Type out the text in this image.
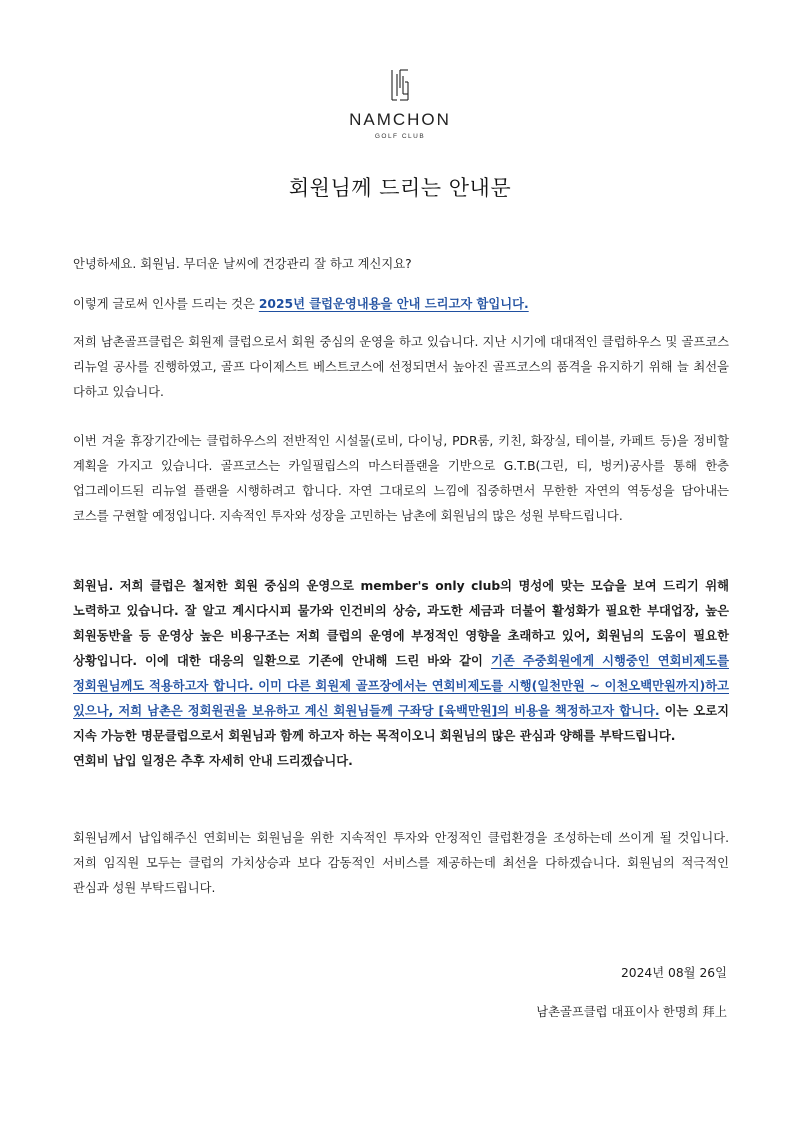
NAMCHON
GOLF CLUB
회원님께 드리는 안내문
안녕하세요. 회원님. 무더운 날씨에 건강관리 잘 하고 계신지요?
이렇게 글로써 인사를 드리는 것은 2025년 클럽운영내용을 안내 드리고자 함입니다.
저희 남촌골프클럽은 회원제 클럽으로서 회원 중심의 운영을 하고 있습니다. 지난 시기에 대대적인 클럽하우스 및 골프코스 리뉴얼 공사를 진행하였고, 골프 다이제스트 베스트코스에 선정되면서 높아진 골프코스의 품격을 유지하기 위해 늘 최선을 다하고 있습니다.
이번 겨울 휴장기간에는 클럽하우스의 전반적인 시설물(로비, 다이닝, PDR룸, 키친, 화장실, 테이블, 카페트 등)을 정비할 계획을 가지고 있습니다. 골프코스는 카일필립스의 마스터플랜을 기반으로 G.T.B(그린, 티, 벙커)공사를 통해 한층 업그레이드된 리뉴얼 플랜을 시행하려고 합니다. 자연 그대로의 느낌에 집중하면서 무한한 자연의 역동성을 담아내는 코스를 구현할 예정입니다. 지속적인 투자와 성장을 고민하는 남촌에 회원님의 많은 성원 부탁드립니다.
회원님. 저희 클럽은 철저한 회원 중심의 운영으로 member's only club의 명성에 맞는 모습을 보여 드리기 위해 노력하고 있습니다. 잘 알고 계시다시피 물가와 인건비의 상승, 과도한 세금과 더불어 활성화가 필요한 부대업장, 높은 회원동반율 등 운영상 높은 비용구조는 저희 클럽의 운영에 부정적인 영향을 초래하고 있어, 회원님의 도움이 필요한 상황입니다. 이에 대한 대응의 일환으로 기존에 안내해 드린 바와 같이 기존 주중회원에게 시행중인 연회비제도를 정회원님께도 적용하고자 합니다. 이미 다른 회원제 골프장에서는 연회비제도를 시행(일천만원 ~ 이천오백만원까지)하고 있으나, 저희 남촌은 정회원권을 보유하고 계신 회원님들께 구좌당 [육백만원]의 비용을 책정하고자 합니다. 이는 오로지 지속 가능한 명문클럽으로서 회원님과 함께 하고자 하는 목적이오니 회원님의 많은 관심과 양해를 부탁드립니다.
연회비 납입 일정은 추후 자세히 안내 드리겠습니다.
회원님께서 납입해주신 연회비는 회원님을 위한 지속적인 투자와 안정적인 클럽환경을 조성하는데 쓰이게 될 것입니다. 저희 임직원 모두는 클럽의 가치상승과 보다 감동적인 서비스를 제공하는데 최선을 다하겠습니다. 회원님의 적극적인 관심과 성원 부탁드립니다.
2024년 08월 26일
남촌골프클럽 대표이사 한명희 拜上
